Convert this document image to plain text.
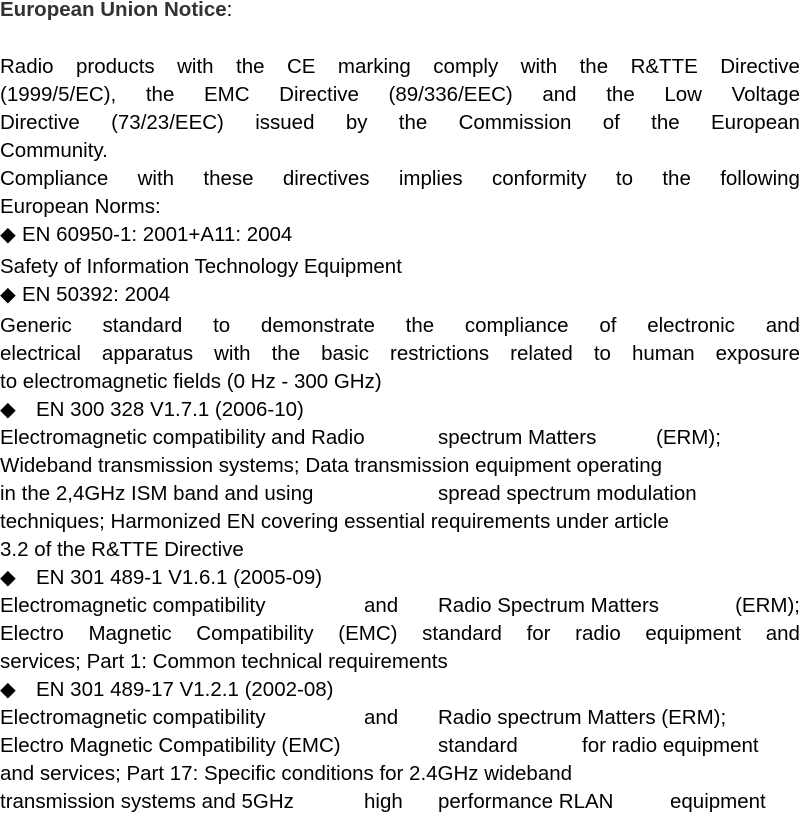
European Union Notice:
Radio products with the CE marking comply with the R&TTE Directive
(1999/5/EC), the EMC Directive (89/336/EEC) and the Low Voltage
Directive (73/23/EEC) issued by the Commission of the European
Community.
Compliance with these directives implies conformity to the following
European Norms:
◆ EN 60950-1: 2001+A11: 2004
Safety of Information Technology Equipment
◆ EN 50392: 2004
Generic standard to demonstrate the compliance of electronic and
electrical apparatus with the basic restrictions related to human exposure
to electromagnetic fields (0 Hz - 300 GHz)
◆ EN 300 328 V1.7.1 (2006-10)
Electromagnetic compatibility and Radio	spectrum Matters	(ERM);
Wideband transmission systems; Data transmission equipment operating
in the 2,4GHz ISM band and using	spread spectrum modulation
techniques; Harmonized EN covering essential requirements under article
3.2 of the R&TTE Directive
◆ EN 301 489-1 V1.6.1 (2005-09)
Electromagnetic compatibility	and Radio Spectrum Matters	(ERM);
Electro Magnetic Compatibility (EMC) standard for radio equipment and
services; Part 1: Common technical requirements
◆ EN 301 489-17 V1.2.1 (2002-08)
Electromagnetic compatibility	and Radio spectrum Matters (ERM);
Electro Magnetic Compatibility (EMC)	standard	for radio equipment
and services; Part 17: Specific conditions for 2.4GHz wideband
transmission systems and 5GHz	high performance RLAN	equipment
